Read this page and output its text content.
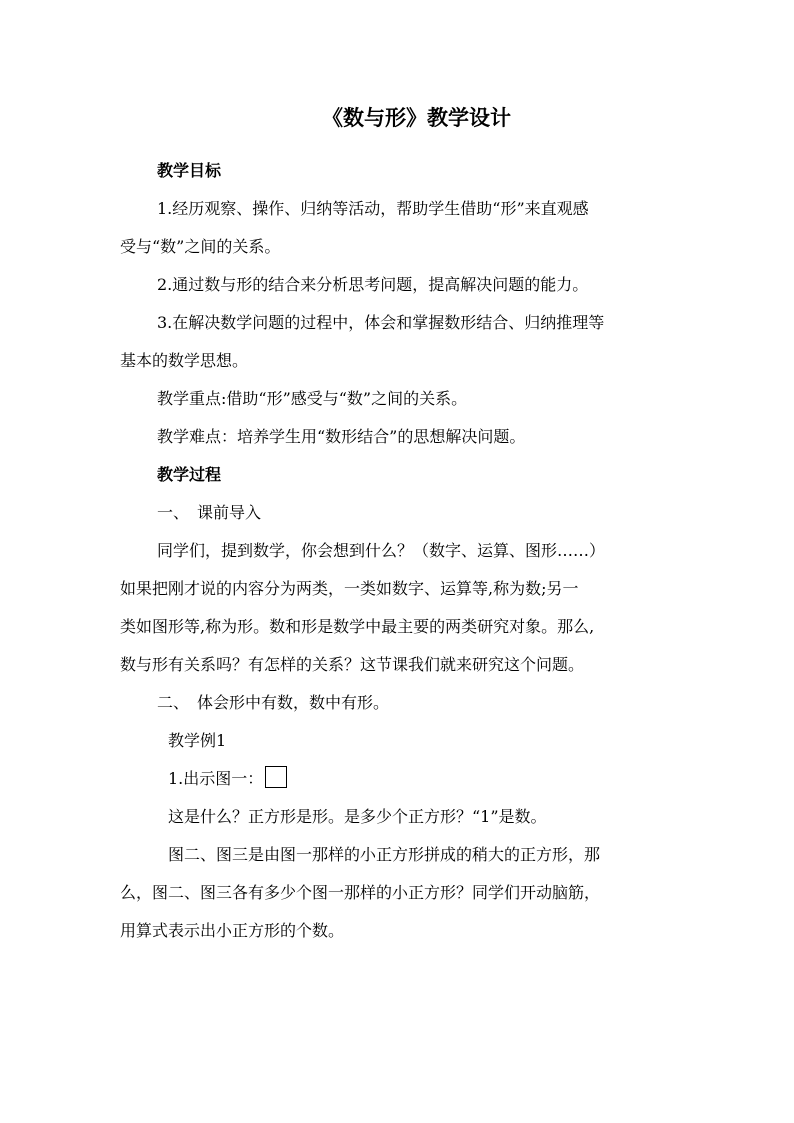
《数与形》教学设计

教学目标

1.经历观察、操作、归纳等活动，帮助学生借助“形”来直观感

受与“数”之间的关系。

2.通过数与形的结合来分析思考问题，提高解决问题的能力。

3.在解决数学问题的过程中，体会和掌握数形结合、归纳推理等

基本的数学思想。

教学重点:借助“形”感受与“数”之间的关系。

教学难点：培养学生用“数形结合”的思想解决问题。

教学过程

一、　课前导入

同学们，提到数学，你会想到什么？（数字、运算、图形……）

如果把刚才说的内容分为两类，一类如数字、运算等,称为数;另一

类如图形等,称为形。数和形是数学中最主要的两类研究对象。那么,

数与形有关系吗？有怎样的关系？这节课我们就来研究这个问题。

二、　体会形中有数，数中有形。

教学例1

1.出示图一：

这是什么？正方形是形。是多少个正方形？“1”是数。

图二、图三是由图一那样的小正方形拼成的稍大的正方形，那

么，图二、图三各有多少个图一那样的小正方形？同学们开动脑筋，

用算式表示出小正方形的个数。
